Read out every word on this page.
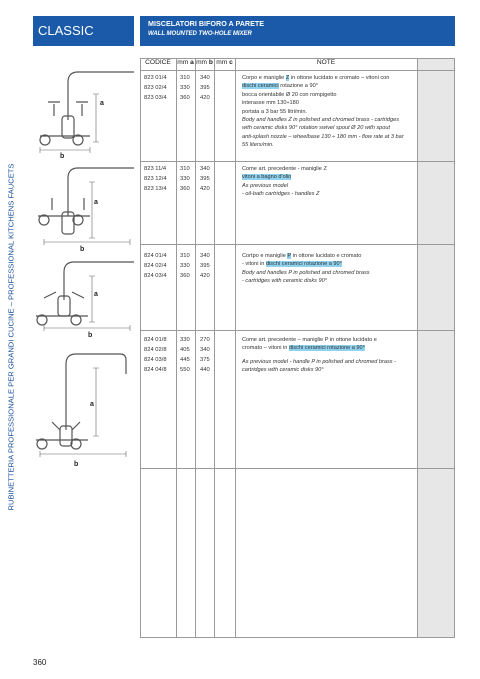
RUBINETTERIA PROFESSIONALE PER GRANDI CUCINE – PROFESSIONAL KITCHENS FAUCETS
CLASSIC	MISCELATORI BIFORO A PARETE
WALL MOUNTED TWO-HOLE MIXER
a
b
a
b
a
b
a
b
CODICE mm a mm b mm c	NOTE
823 01/4 310 340
823 02/4 330 395
823 03/4 360 420
Corpo e maniglie Z in ottone lucidato e cromato – vitoni con
dischi ceramici rotazione a 90°
bocca orientabile Ø 20 con rompigetto
interasse mm 130÷180
portata a 3 bar 55 litri/min.
Body and handles Z in polished and chromed brass - cartridges
with ceramic disks 90° rotation swivel spout Ø 20 with spout
anti-splash nozzle – wheelbase 130 ÷ 180 mm - flow rate at 3 bar
55 liters/min.
823 11/4 310 340
823 12/4 330 395
823 13/4 360 420
Come art. precedente - maniglie Z
vitoni a bagno d'olio
As previous model
- oil-bath cartridges - handles Z
824 01/4 310 340
824 02/4 330 395
824 03/4 360 420
Cortpo e maniglie P in ottone lucidato e cromato
- vitoni in dischi ceramici rotazione a 90°
Body and handles P in polished and chromed brass
- cartridges with ceramic disks 90°
824 01/8 330 270
824 02/8 405 340
824 03/8 445 375
824 04/8 550 440
Come art. precedente – maniglie P in ottone lucidato e
cromato – vitoni in dischi ceramici rotazione a 90°
As previous model - handle P in polished and chromed brass -
cartridges with ceramic disks 90°
360
